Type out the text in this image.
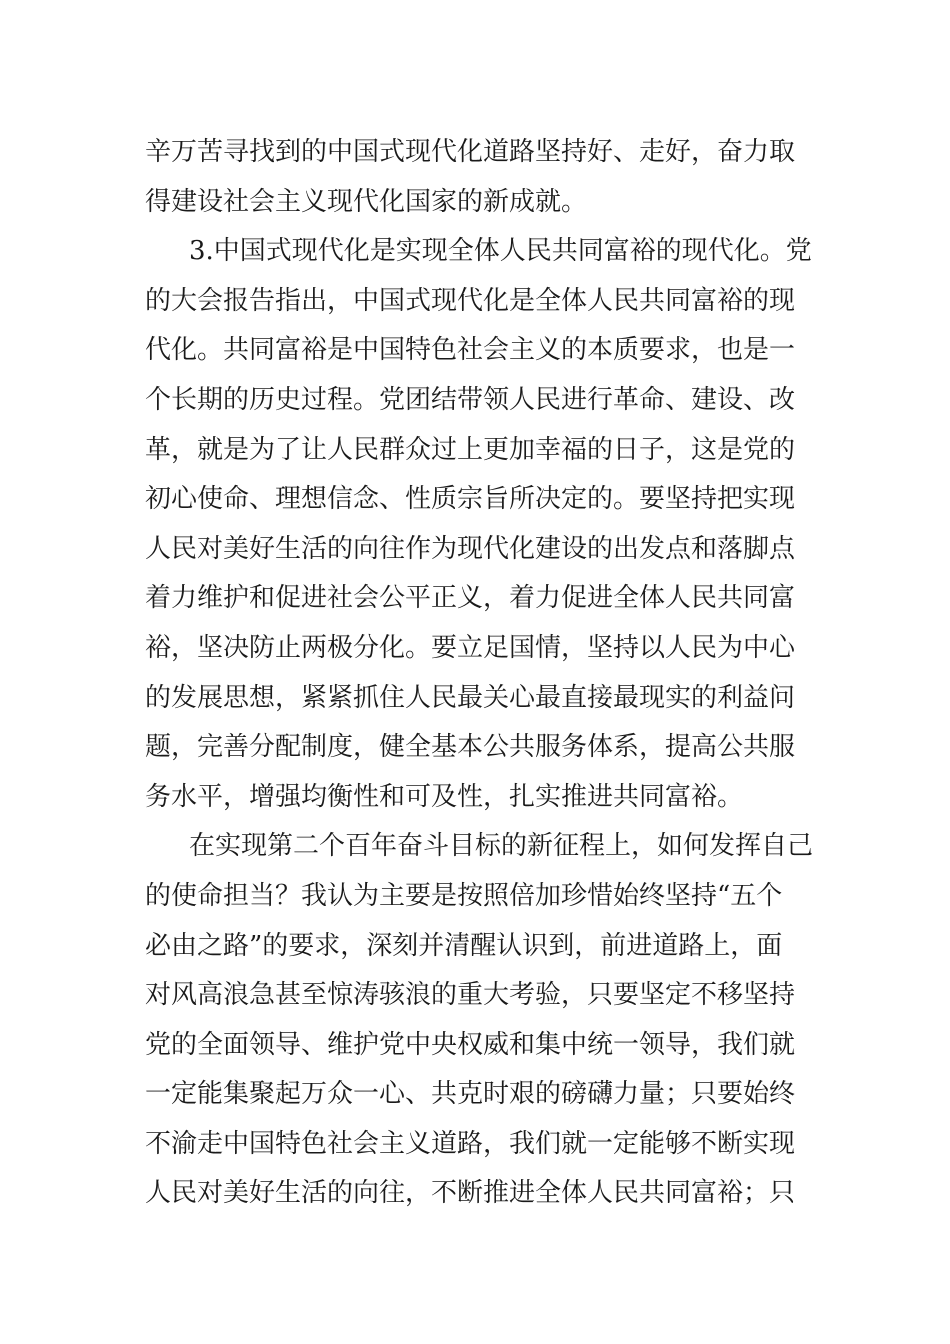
辛万苦寻找到的中国式现代化道路坚持好、走好，奋力取
得建设社会主义现代化国家的新成就。
3.中国式现代化是实现全体人民共同富裕的现代化。党
的大会报告指出，中国式现代化是全体人民共同富裕的现
代化。共同富裕是中国特色社会主义的本质要求，也是一
个长期的历史过程。党团结带领人民进行革命、建设、改
革，就是为了让人民群众过上更加幸福的日子，这是党的
初心使命、理想信念、性质宗旨所决定的。要坚持把实现
人民对美好生活的向往作为现代化建设的出发点和落脚点
着力维护和促进社会公平正义，着力促进全体人民共同富
裕，坚决防止两极分化。要立足国情，坚持以人民为中心
的发展思想，紧紧抓住人民最关心最直接最现实的利益问
题，完善分配制度，健全基本公共服务体系，提高公共服
务水平，增强均衡性和可及性，扎实推进共同富裕。
在实现第二个百年奋斗目标的新征程上，如何发挥自己
的使命担当？我认为主要是按照倍加珍惜始终坚持“五个
必由之路”的要求，深刻并清醒认识到，前进道路上，面
对风高浪急甚至惊涛骇浪的重大考验，只要坚定不移坚持
党的全面领导、维护党中央权威和集中统一领导，我们就
一定能集聚起万众一心、共克时艰的磅礴力量；只要始终
不渝走中国特色社会主义道路，我们就一定能够不断实现
人民对美好生活的向往，不断推进全体人民共同富裕；只
